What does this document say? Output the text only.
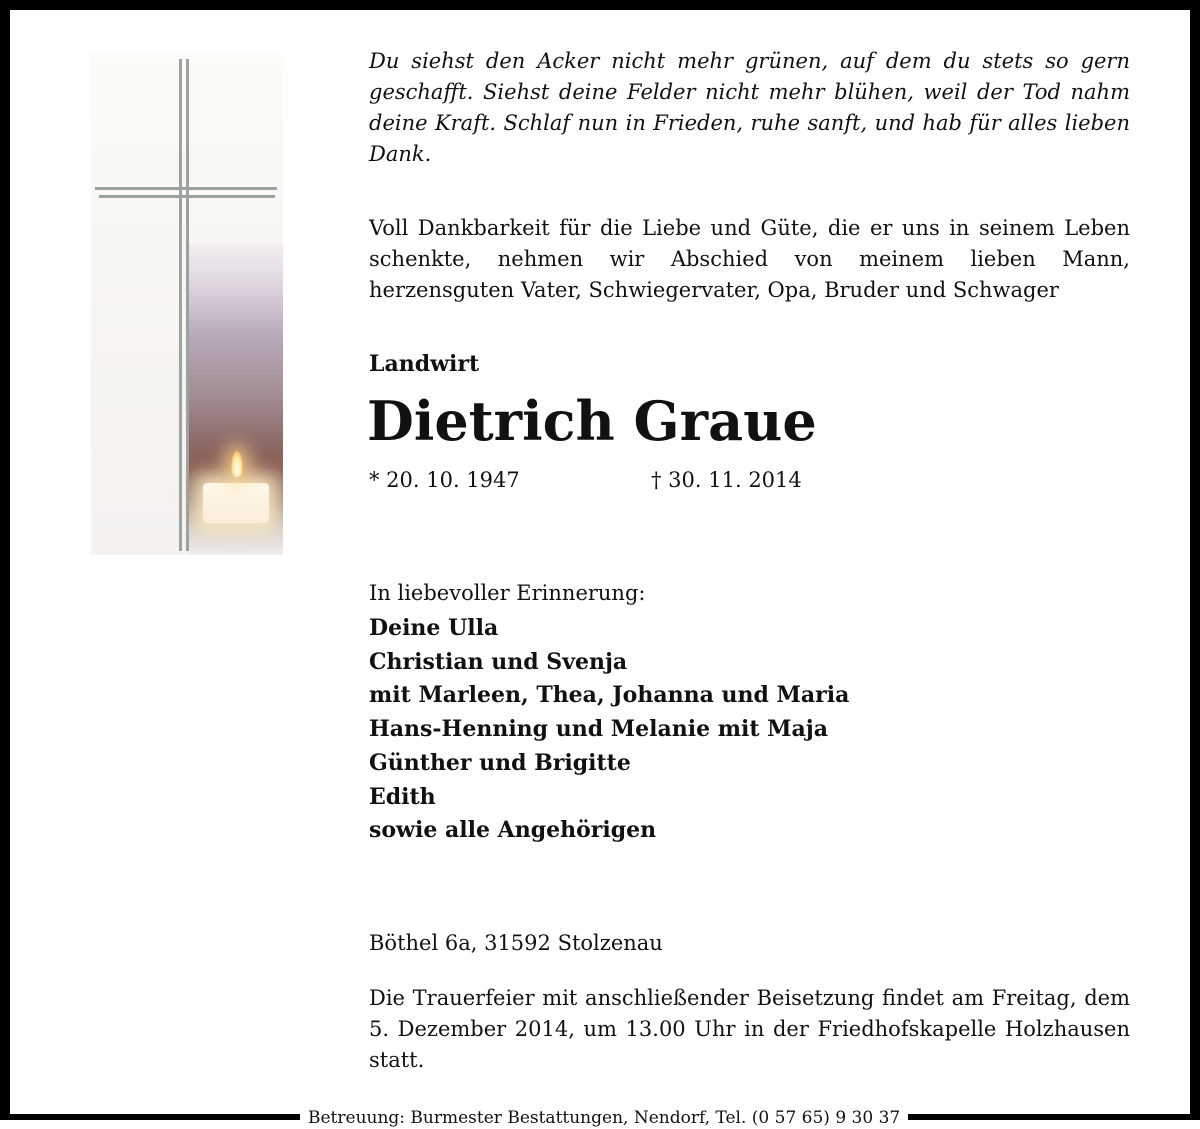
Du siehst den Acker nicht mehr grünen, auf dem du stets so gern geschafft. Siehst deine Felder nicht mehr blühen, weil der Tod nahm deine Kraft. Schlaf nun in Frieden, ruhe sanft, und hab für alles lieben Dank.

Voll Dankbarkeit für die Liebe und Güte, die er uns in seinem Leben schenkte, nehmen wir Abschied von meinem lieben Mann, herzensguten Vater, Schwiegervater, Opa, Bruder und Schwager

Landwirt
Dietrich Graue
* 20. 10. 1947	† 30. 11. 2014
In liebevoller Erinnerung:
Deine Ulla
Christian und Svenja
mit Marleen, Thea, Johanna und Maria
Hans-Henning und Melanie mit Maja
Günther und Brigitte
Edith
sowie alle Angehörigen
Böthel 6a, 31592 Stolzenau

Die Trauerfeier mit anschließender Beisetzung findet am Freitag, dem 5. Dezember 2014, um 13.00 Uhr in der Friedhofskapelle Holzhausen statt.

Betreuung: Burmester Bestattungen, Nendorf, Tel. (0 57 65) 9 30 37
